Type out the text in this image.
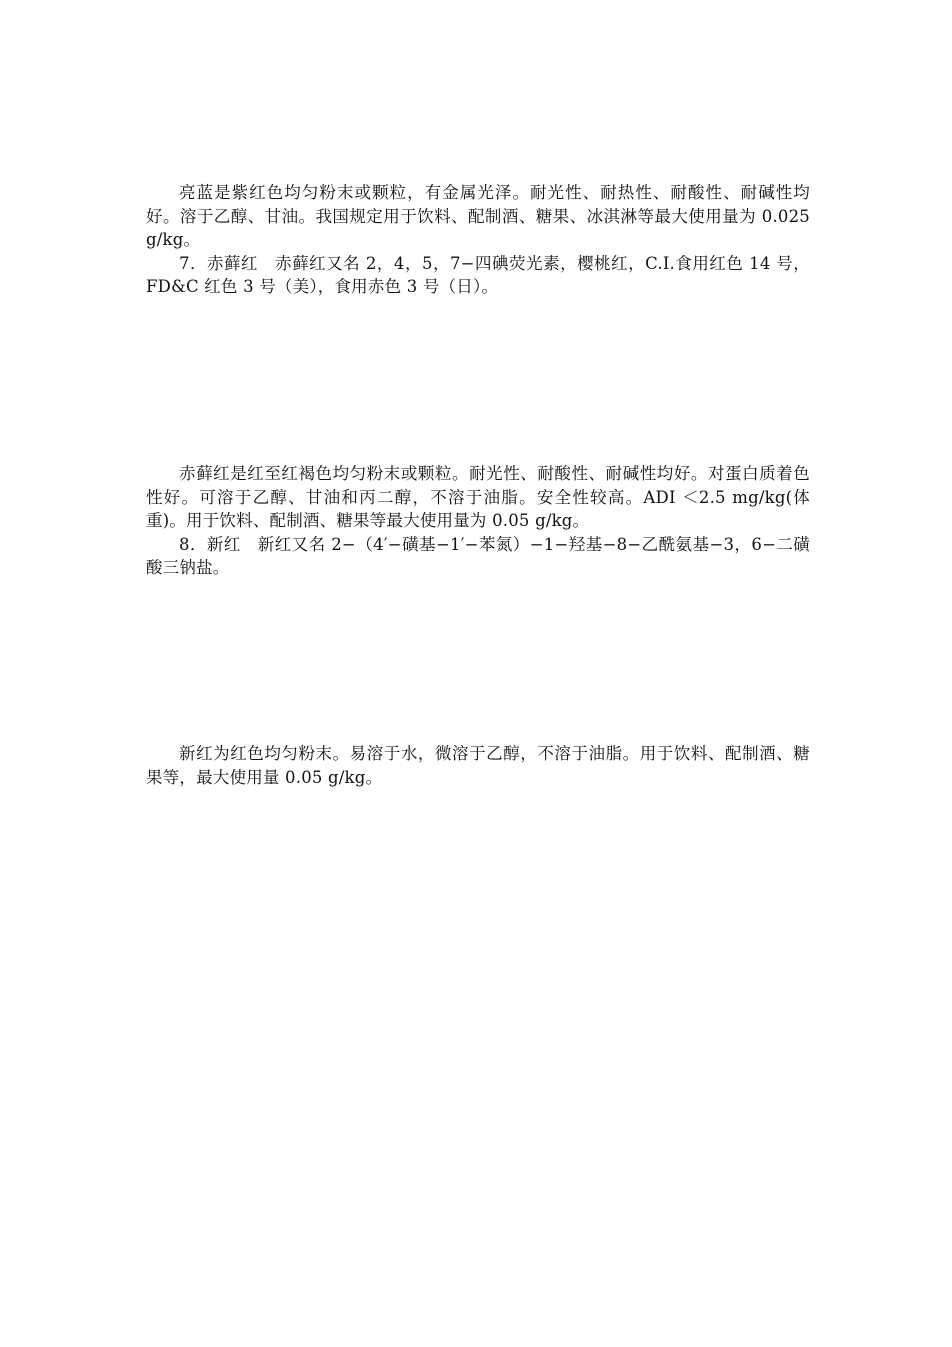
亮蓝是紫红色均匀粉末或颗粒，有金属光泽。耐光性、耐热性、耐酸性、耐碱性均好。溶于乙醇、甘油。我国规定用于饮料、配制酒、糖果、冰淇淋等最大使用量为 0.025 g/kg。

7．赤藓红　赤藓红又名 2，4，5，7−四碘荧光素，樱桃红，C.I.食用红色 14 号，FD&C 红色 3 号（美），食用赤色 3 号（日）。

赤藓红是红至红褐色均匀粉末或颗粒。耐光性、耐酸性、耐碱性均好。对蛋白质着色性好。可溶于乙醇、甘油和丙二醇，不溶于油脂。安全性较高。ADI ＜2.5 mg/kg(体重)。用于饮料、配制酒、糖果等最大使用量为 0.05 g/kg。

8．新红　新红又名 2−（4′−磺基−1′−苯氮）−1−羟基−8−乙酰氨基−3，6−二磺酸三钠盐。

新红为红色均匀粉末。易溶于水，微溶于乙醇，不溶于油脂。用于饮料、配制酒、糖果等，最大使用量 0.05 g/kg。
